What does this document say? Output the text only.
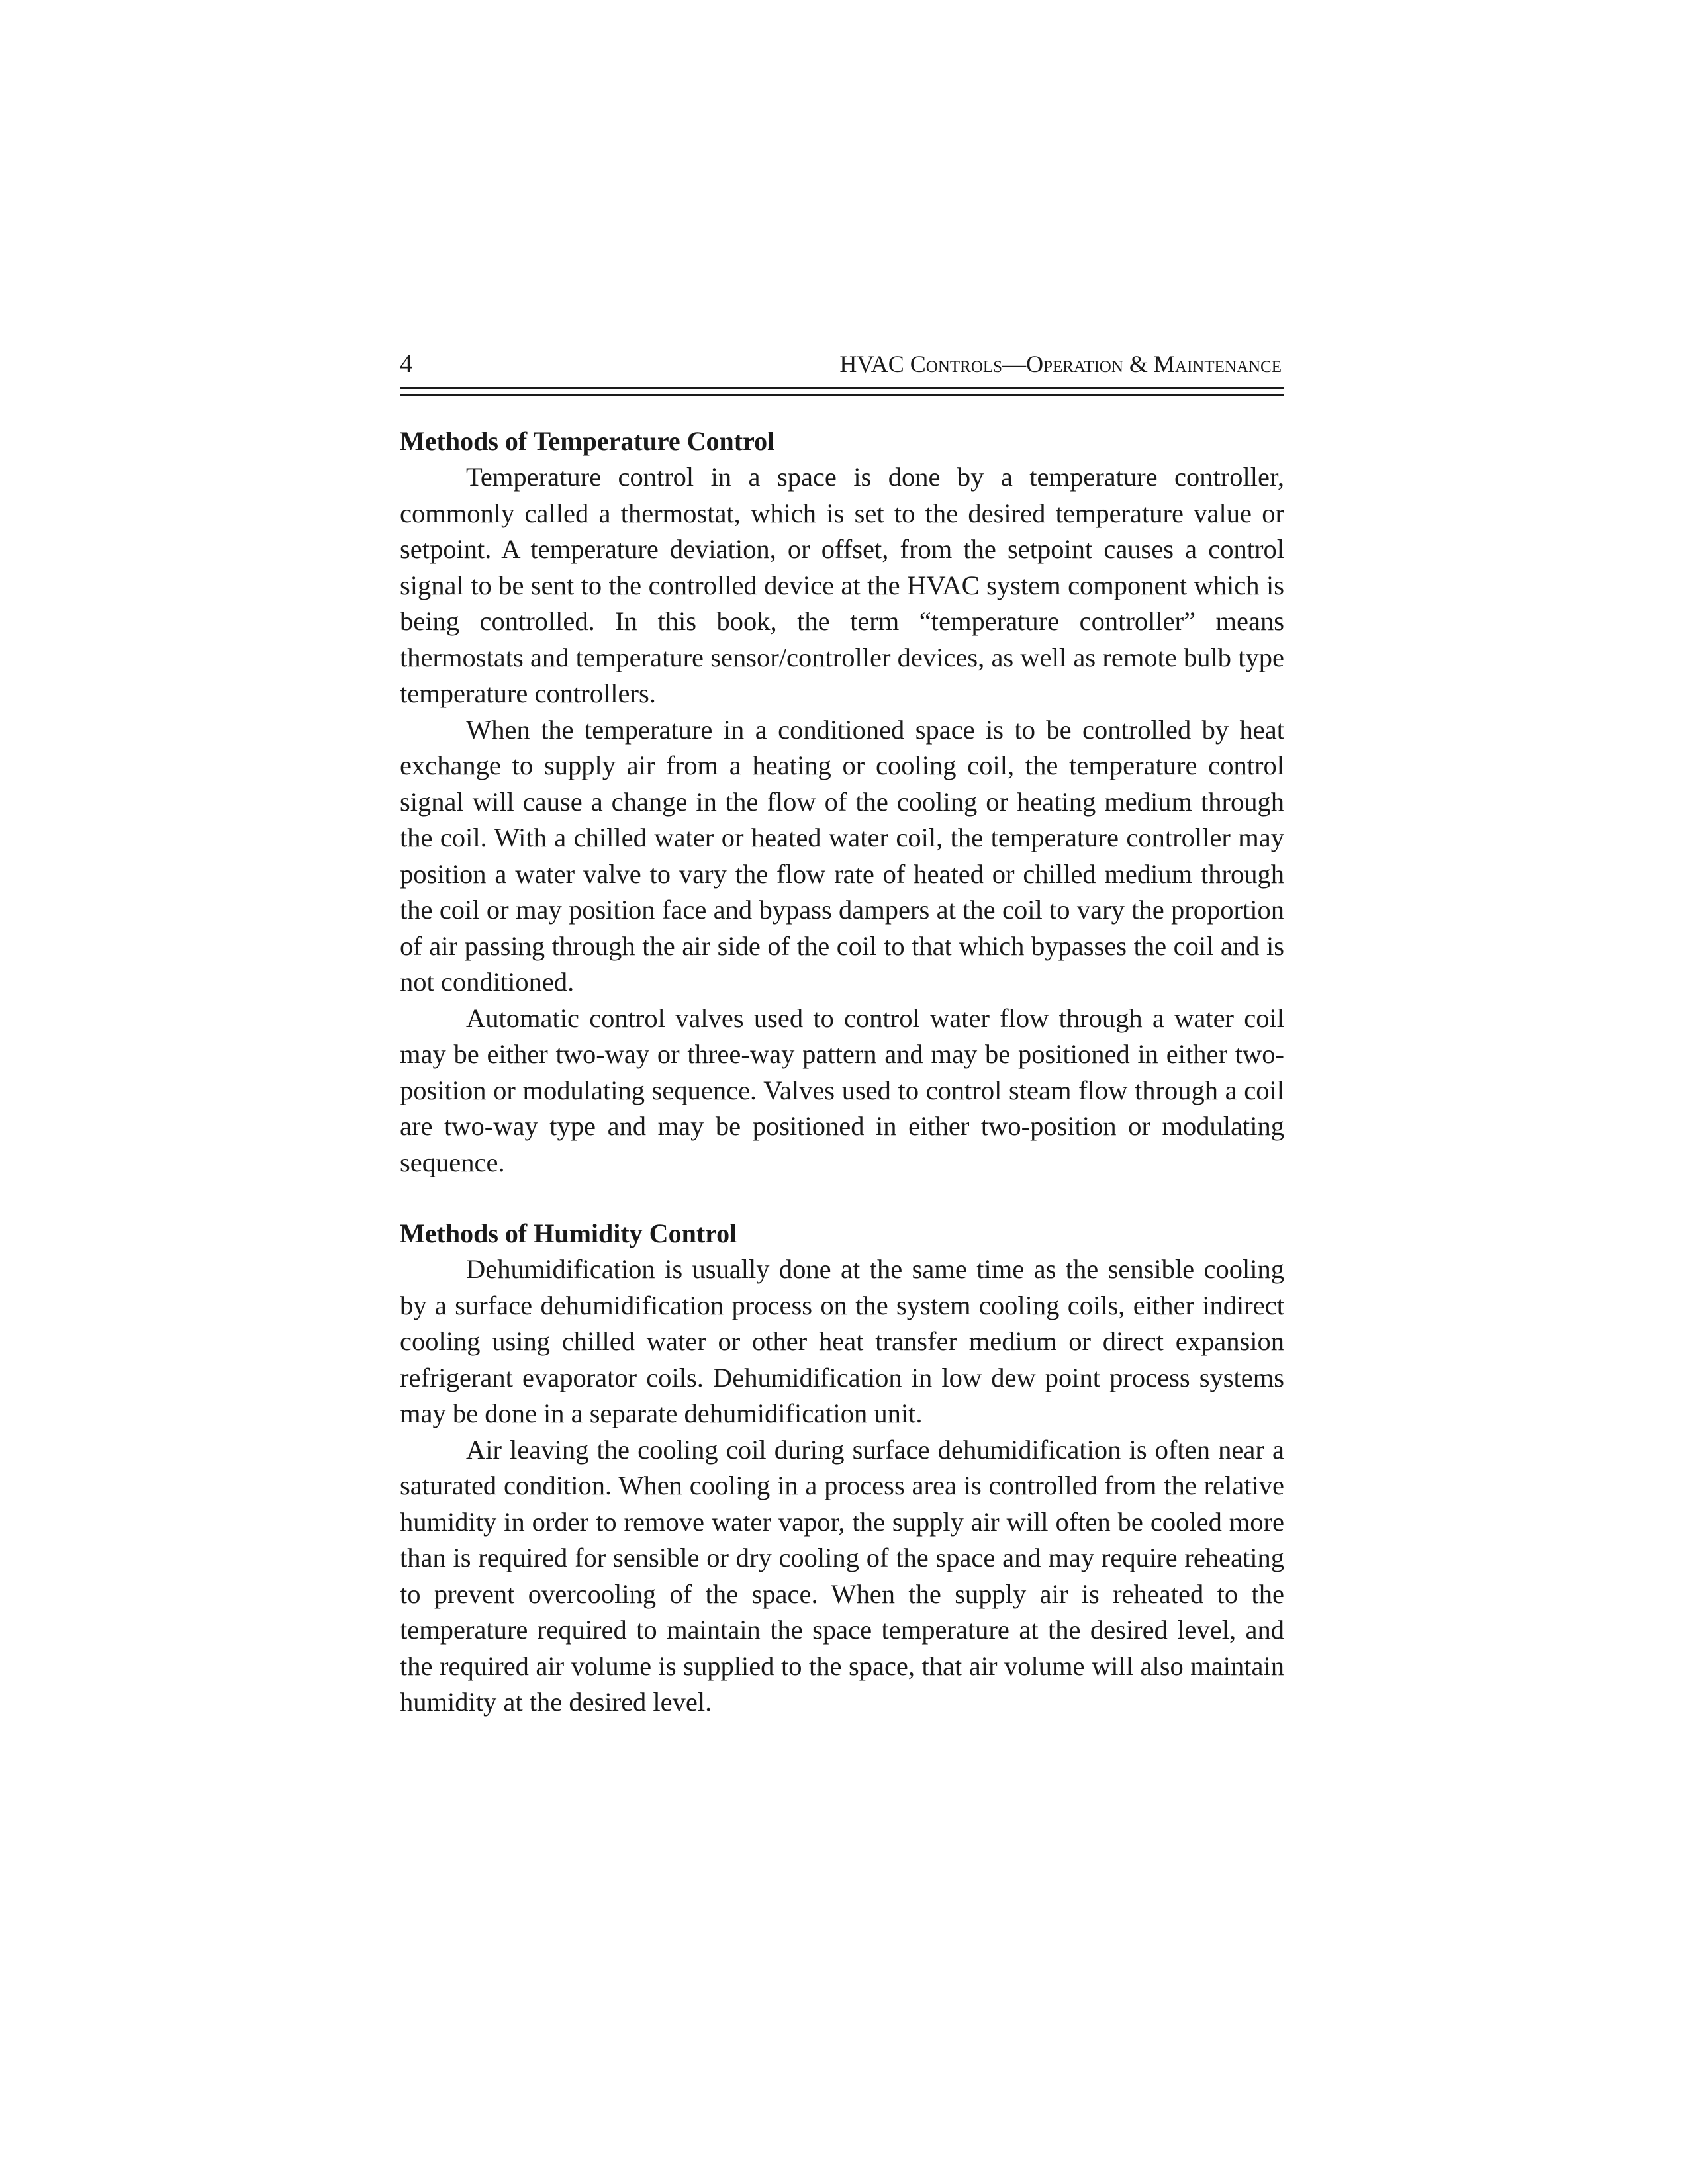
4	HVAC Controls—Operation & Maintenance
Methods of Temperature Control

Temperature control in a space is done by a temperature controller, commonly called a thermostat, which is set to the desired temperature value or setpoint. A temperature deviation, or offset, from the setpoint causes a control signal to be sent to the controlled device at the HVAC system component which is being controlled. In this book, the term “temperature controller” means thermostats and temperature sensor/controller devices, as well as remote bulb type temperature controllers.

When the temperature in a conditioned space is to be controlled by heat exchange to supply air from a heating or cooling coil, the temperature control signal will cause a change in the flow of the cooling or heating medium through the coil. With a chilled water or heated water coil, the temperature controller may position a water valve to vary the flow rate of heated or chilled medium through the coil or may position face and bypass dampers at the coil to vary the proportion of air passing through the air side of the coil to that which bypasses the coil and is not conditioned.

Automatic control valves used to control water flow through a water coil may be either two-way or three-way pattern and may be positioned in either two-position or modulating sequence. Valves used to control steam flow through a coil are two-way type and may be positioned in either two-position or modulating sequence.

Methods of Humidity Control

Dehumidification is usually done at the same time as the sensible cooling by a surface dehumidification process on the system cooling coils, either indirect cooling using chilled water or other heat transfer medium or direct expansion refrigerant evaporator coils. Dehumidification in low dew point process systems may be done in a separate dehumidification unit.

Air leaving the cooling coil during surface dehumidification is often near a saturated condition. When cooling in a process area is controlled from the relative humidity in order to remove water vapor, the supply air will often be cooled more than is required for sensible or dry cooling of the space and may require reheating to prevent overcooling of the space. When the supply air is reheated to the temperature required to maintain the space temperature at the desired level, and the required air volume is supplied to the space, that air volume will also maintain humidity at the desired level.
